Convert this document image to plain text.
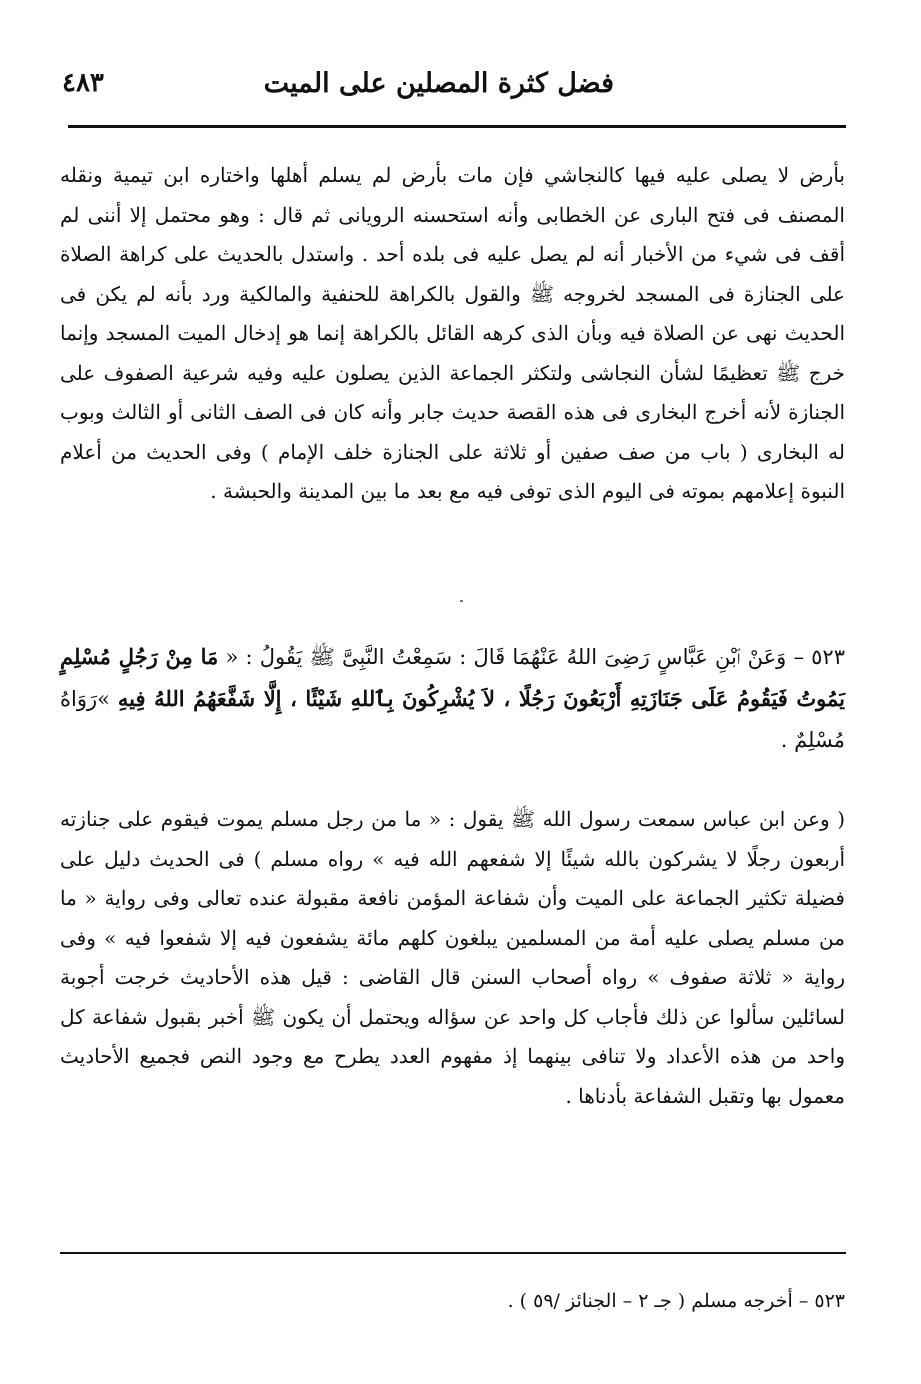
فضل كثرة المصلين على الميت
٤٨٣

بأرض لا يصلى عليه فيها كالنجاشي فإن مات بأرض لم يسلم أهلها واختاره ابن تيمية ونقله المصنف فى فتح البارى عن الخطابى وأنه استحسنه الرويانى ثم قال : وهو محتمل إلا أننى لم أقف فى شيء من الأخبار أنه لم يصل عليه فى بلده أحد . واستدل بالحديث على كراهة الصلاة على الجنازة فى المسجد لخروجه ﷺ والقول بالكراهة للحنفية والمالكية ورد بأنه لم يكن فى الحديث نهى عن الصلاة فيه وبأن الذى كرهه القائل بالكراهة إنما هو إدخال الميت المسجد وإنما خرج ﷺ تعظيمًا لشأن النجاشى ولتكثر الجماعة الذين يصلون عليه وفيه شرعية الصفوف على الجنازة لأنه أخرج البخارى فى هذه القصة حديث جابر وأنه كان فى الصف الثانى أو الثالث وبوب له البخارى ( باب من صف صفين أو ثلاثة على الجنازة خلف الإمام ) وفى الحديث من أعلام النبوة إعلامهم بموته فى اليوم الذى توفى فيه مع بعد ما بين المدينة والحبشة .

٥٢٣ – وَعَنْ ٱبْنِ عَبَّاسٍ رَضِىَ اللهُ عَنْهُمَا قَالَ : سَمِعْتُ النَّبِىَّ ﷺ يَقُولُ : « مَا مِنْ رَجُلٍ مُسْلِمٍ يَمُوتُ فَيَقُومُ عَلَى جَنَازَتِهِ أَرْبَعُونَ رَجُلًا ، لاَ يُشْرِكُونَ بِٱللهِ شَيْئًا ، إِلَّا شَفَّعَهُمُ اللهُ فِيهِ »رَوَاهُ مُسْلِمٌ .

( وعن ابن عباس سمعت رسول الله ﷺ يقول : « ما من رجل مسلم يموت فيقوم على جنازته أربعون رجلًا لا يشركون بالله شيئًا إلا شفعهم الله فيه » رواه مسلم ) فى الحديث دليل على فضيلة تكثير الجماعة على الميت وأن شفاعة المؤمن نافعة مقبولة عنده تعالى وفى رواية « ما من مسلم يصلى عليه أمة من المسلمين يبلغون كلهم مائة يشفعون فيه إلا شفعوا فيه » وفى رواية « ثلاثة صفوف » رواه أصحاب السنن قال القاضى : قيل هذه الأحاديث خرجت أجوبة لسائلين سألوا عن ذلك فأجاب كل واحد عن سؤاله ويحتمل أن يكون ﷺ أخبر بقبول شفاعة كل واحد من هذه الأعداد ولا تنافى بينهما إذ مفهوم العدد يطرح مع وجود النص فجميع الأحاديث معمول بها وتقبل الشفاعة بأدناها .

٥٢٣ – أخرجه مسلم ( جـ ٢ – الجنائز /٥٩ ) .
